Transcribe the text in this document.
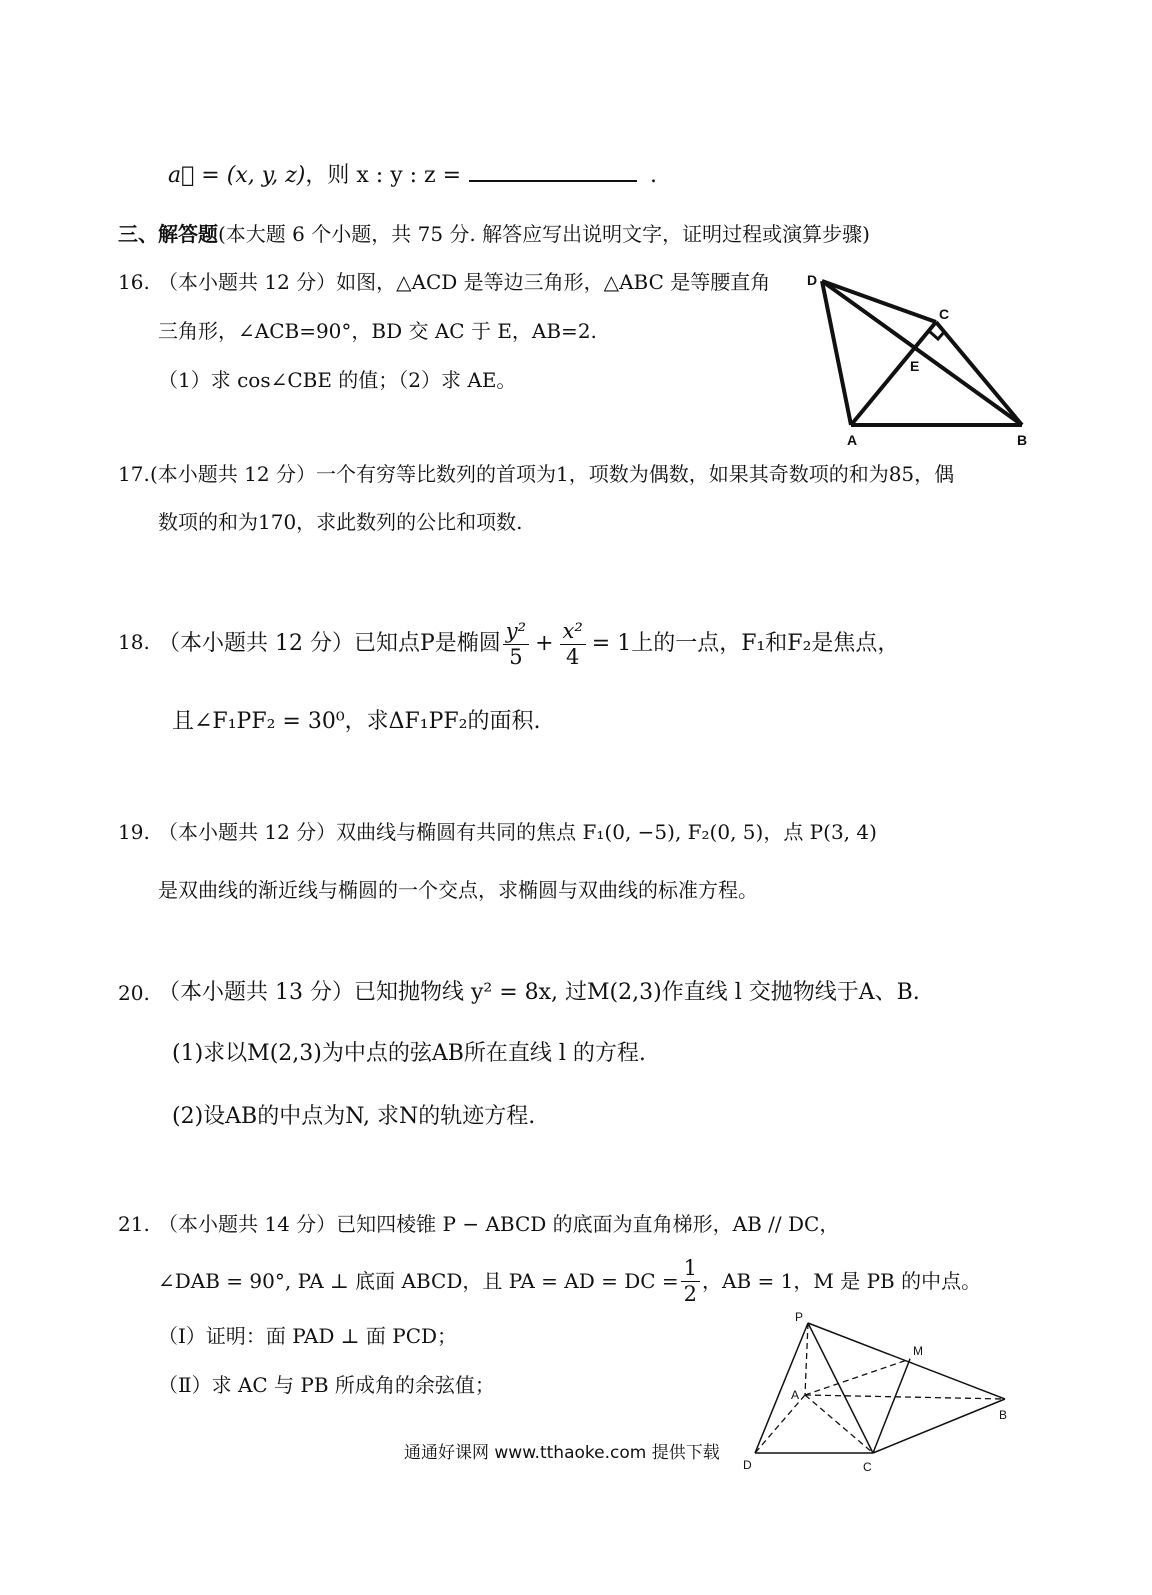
a⃗ = (x, y, z)，则 x : y : z =	.
三、解答题(本大题 6 个小题，共 75 分. 解答应写出说明文字，证明过程或演算步骤)
16. （本小题共 12 分）如图，△ACD 是等边三角形，△ABC 是等腰直角
三角形，∠ACB=90°，BD 交 AC 于 E，AB=2.
（1）求 cos∠CBE 的值；（2）求 AE。
D
C
E
A	B
17. (本小题共 12 分）一个有穷等比数列的首项为1，项数为偶数，如果其奇数项的和为85，偶
数项的和为170，求此数列的公比和项数.
18. （本小题共 12 分）已知点P是椭圆 $\frac{\text{y²}}{5} + \frac{\text{x²}}{4} = 1$上的一点，F₁和F₂是焦点，
且∠F₁PF₂ = 30⁰，求ΔF₁PF₂的面积.
19. （本小题共 12 分）双曲线与椭圆有共同的焦点 F₁(0, −5), F₂(0, 5)，点 P(3, 4)
是双曲线的渐近线与椭圆的一个交点，求椭圆与双曲线的标准方程。
20. （本小题共 13 分）已知抛物线 y² = 8x, 过M(2,3)作直线 l 交抛物线于A、B.
(1)求以M(2,3)为中点的弦AB所在直线 l 的方程.
(2)设AB的中点为N, 求N的轨迹方程.
21. （本小题共 14 分）已知四棱锥 P − ABCD 的底面为直角梯形，AB // DC，
∠DAB = 90°, PA ⊥ 底面 ABCD，且 PA = AD = DC = $\frac{1}{2}$ ，AB = 1，M 是 PB 的中点。
（Ⅰ）证明：面 PAD ⊥ 面 PCD；
（Ⅱ）求 AC 与 PB 所成角的余弦值；
P
M
A
B
D	C
通通好课网 www.tthaoke.com 提供下载
